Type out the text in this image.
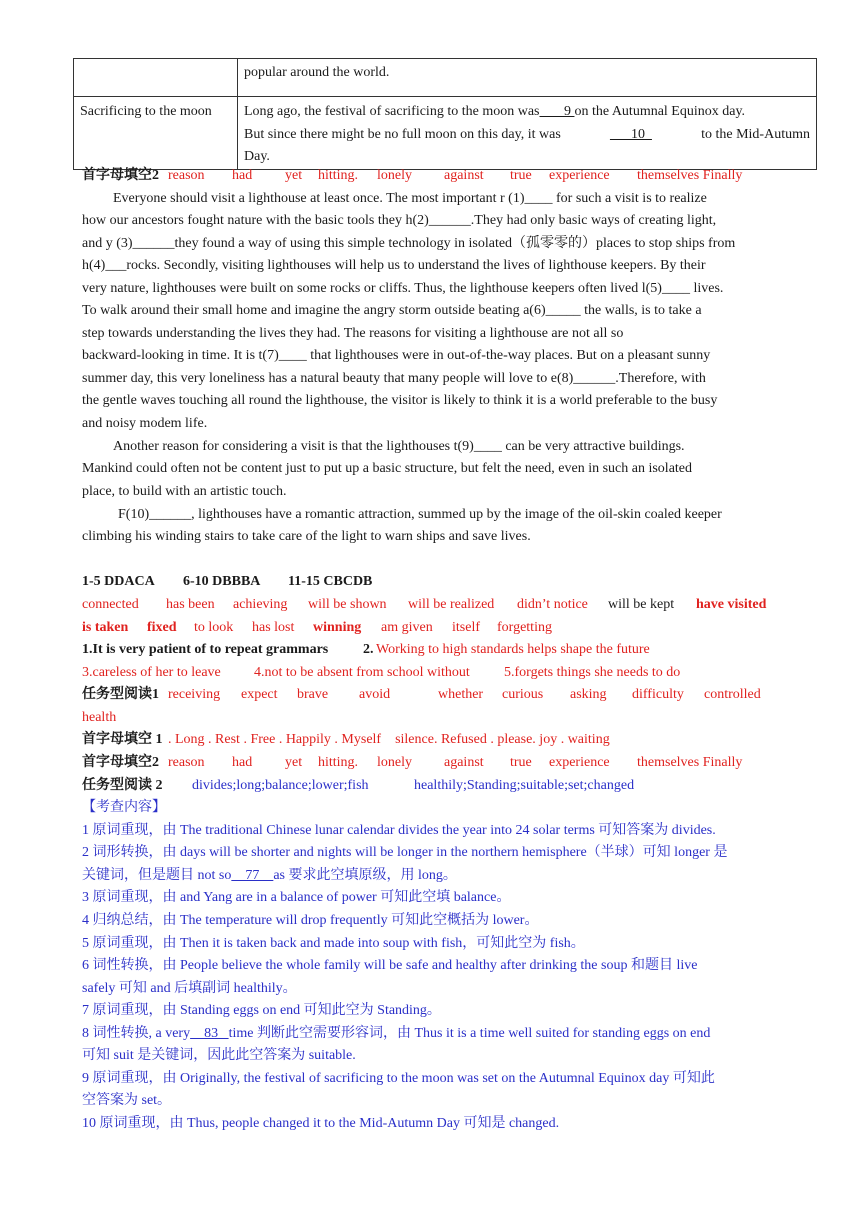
	popular around the world.

Sacrificing to the moon	Long ago, the festival of sacrificing to the moon was       9 on the Autumnal Equinox day.
But since there might be no full moon on this day, it was 10 to the Mid-Autumn
Day.
首字母填空2 reason had yet hitting. lonely against true experience themselves Finally
Everyone should visit a lighthouse at least once. The most important r (1)____ for such a visit is to realize
how our ancestors fought nature with the basic tools they h(2)______.They had only basic ways of creating light,
and y (3)______they found a way of using this simple technology in isolated（孤零零的）places to stop ships from
h(4)___rocks. Secondly, visiting lighthouses will help us to understand the lives of lighthouse keepers. By their
very nature, lighthouses were built on some rocks or cliffs. Thus, the lighthouse keepers often lived l(5)____ lives.
To walk around their small home and imagine the angry storm outside beating a(6)_____ the walls, is to take a
step towards understanding the lives they had. The reasons for visiting a lighthouse are not all so
backward-looking in time. It is t(7)____ that lighthouses were in out-of-the-way places. But on a pleasant sunny
summer day, this very loneliness has a natural beauty that many people will love to e(8)______.Therefore, with
the gentle waves touching all round the lighthouse, the visitor is likely to think it is a world preferable to the busy
and noisy modem life.
Another reason for considering a visit is that the lighthouses t(9)____ can be very attractive buildings.
Mankind could often not be content just to put up a basic structure, but felt the need, even in such an isolated
place, to build with an artistic touch.
F(10)______, lighthouses have a romantic attraction, summed up by the image of the oil-skin coaled keeper
climbing his winding stairs to take care of the light to warn ships and save lives.
1-5 DDACA 6-10 DBBBA 11-15 CBCDB
connected has been achieving will be shown will be realized didn’t notice will be kept have visited
is taken fixed to look has lost winning am given itself forgetting
1.It is very patient of to repeat grammars 2. Working to high standards helps shape the future
3.careless of her to leave 4.not to be absent from school without 5.forgets things she needs to do
任务型阅读1 receiving expect brave avoid	whether curious asking difficulty controlled
health
首字母填空 1 . Long . Rest . Free . Happily . Myself    silence. Refused . please. joy . waiting
首字母填空2 reason had yet hitting. lonely against true experience themselves Finally
任务型阅读 2 divides;long;balance;lower;fish	healthily;Standing;suitable;set;changed
【考查内容】
1 原词重现，由 The traditional Chinese lunar calendar divides the year into 24 solar terms 可知答案为 divides.
2 词形转换，由 days will be shorter and nights will be longer in the northern hemisphere（半球）可知 longer 是
关键词，但是题目 not so    77    as 要求此空填原级，用 long。
3 原词重现，由 and Yang are in a balance of power 可知此空填 balance。
4 归纳总结，由 The temperature will drop frequently 可知此空概括为 lower。
5 原词重现，由 Then it is taken back and made into soup with fish，可知此空为 fish。
6 词性转换，由 People believe the whole family will be safe and healthy after drinking the soup 和题目 live
safely 可知 and 后填副词 healthily。
7 原词重现，由 Standing eggs on end 可知此空为 Standing。
8 词性转换, a very    83   time 判断此空需要形容词，由 Thus it is a time well suited for standing eggs on end
可知 suit 是关键词，因此此空答案为 suitable.
9 原词重现，由 Originally, the festival of sacrificing to the moon was set on the Autumnal Equinox day 可知此
空答案为 set。
10 原词重现，由 Thus, people changed it to the Mid-Autumn Day 可知是 changed.
